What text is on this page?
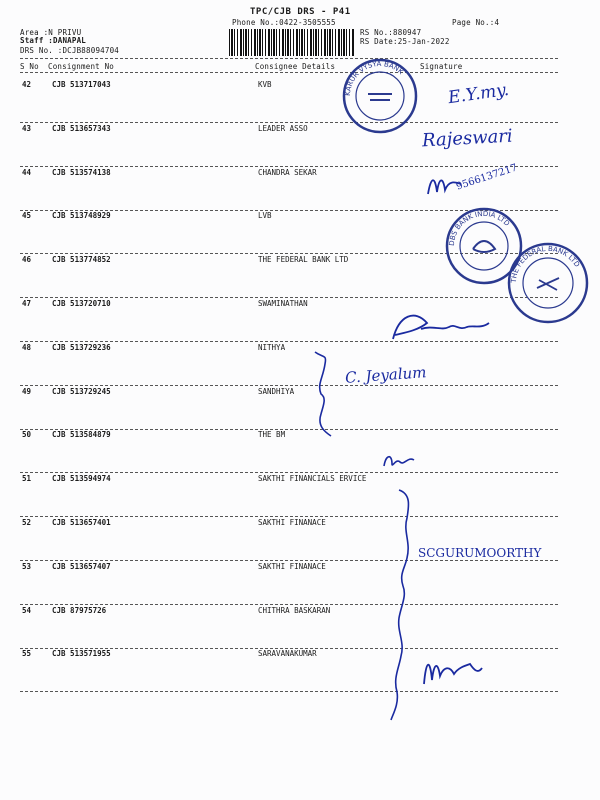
TPC/CJB DRS - P41
Phone No.:0422-3505555	Page No.:4
Area :N PRIVU
Staff :DANAPAL
DRS No. :DCJB88094704
RS No.:880947
RS Date:25-Jan-2022
S No Consignment No	Consignee Details	Signature
42	CJB 513717043	KVB
43	CJB 513657343	LEADER ASSO
44	CJB 513574138	CHANDRA SEKAR
45	CJB 513748929	LVB
46	CJB 513774852	THE FEDERAL BANK LTD
47	CJB 513720710	SWAMINATHAN
48	CJB 513729236	NITHYA
49	CJB 513729245	SANDHIYA
50	CJB 513584879	THE BM
51	CJB 513594974	SAKTHI FINANCIALS ERVICE
52	CJB 513657401	SAKTHI FINANACE
53	CJB 513657407	SAKTHI FINANACE
54	CJB 87975726	CHITHRA BASKARAN
55	CJB 513571955	SARAVANAKUMAR
KARUR VYSYA BANK
DBS BANK INDIA LTD
THE FEDERAL BANK LTD
E.Y.my.
Rajeswari
9566137217
C. Jeyalum
SCGURUMOORTHY
